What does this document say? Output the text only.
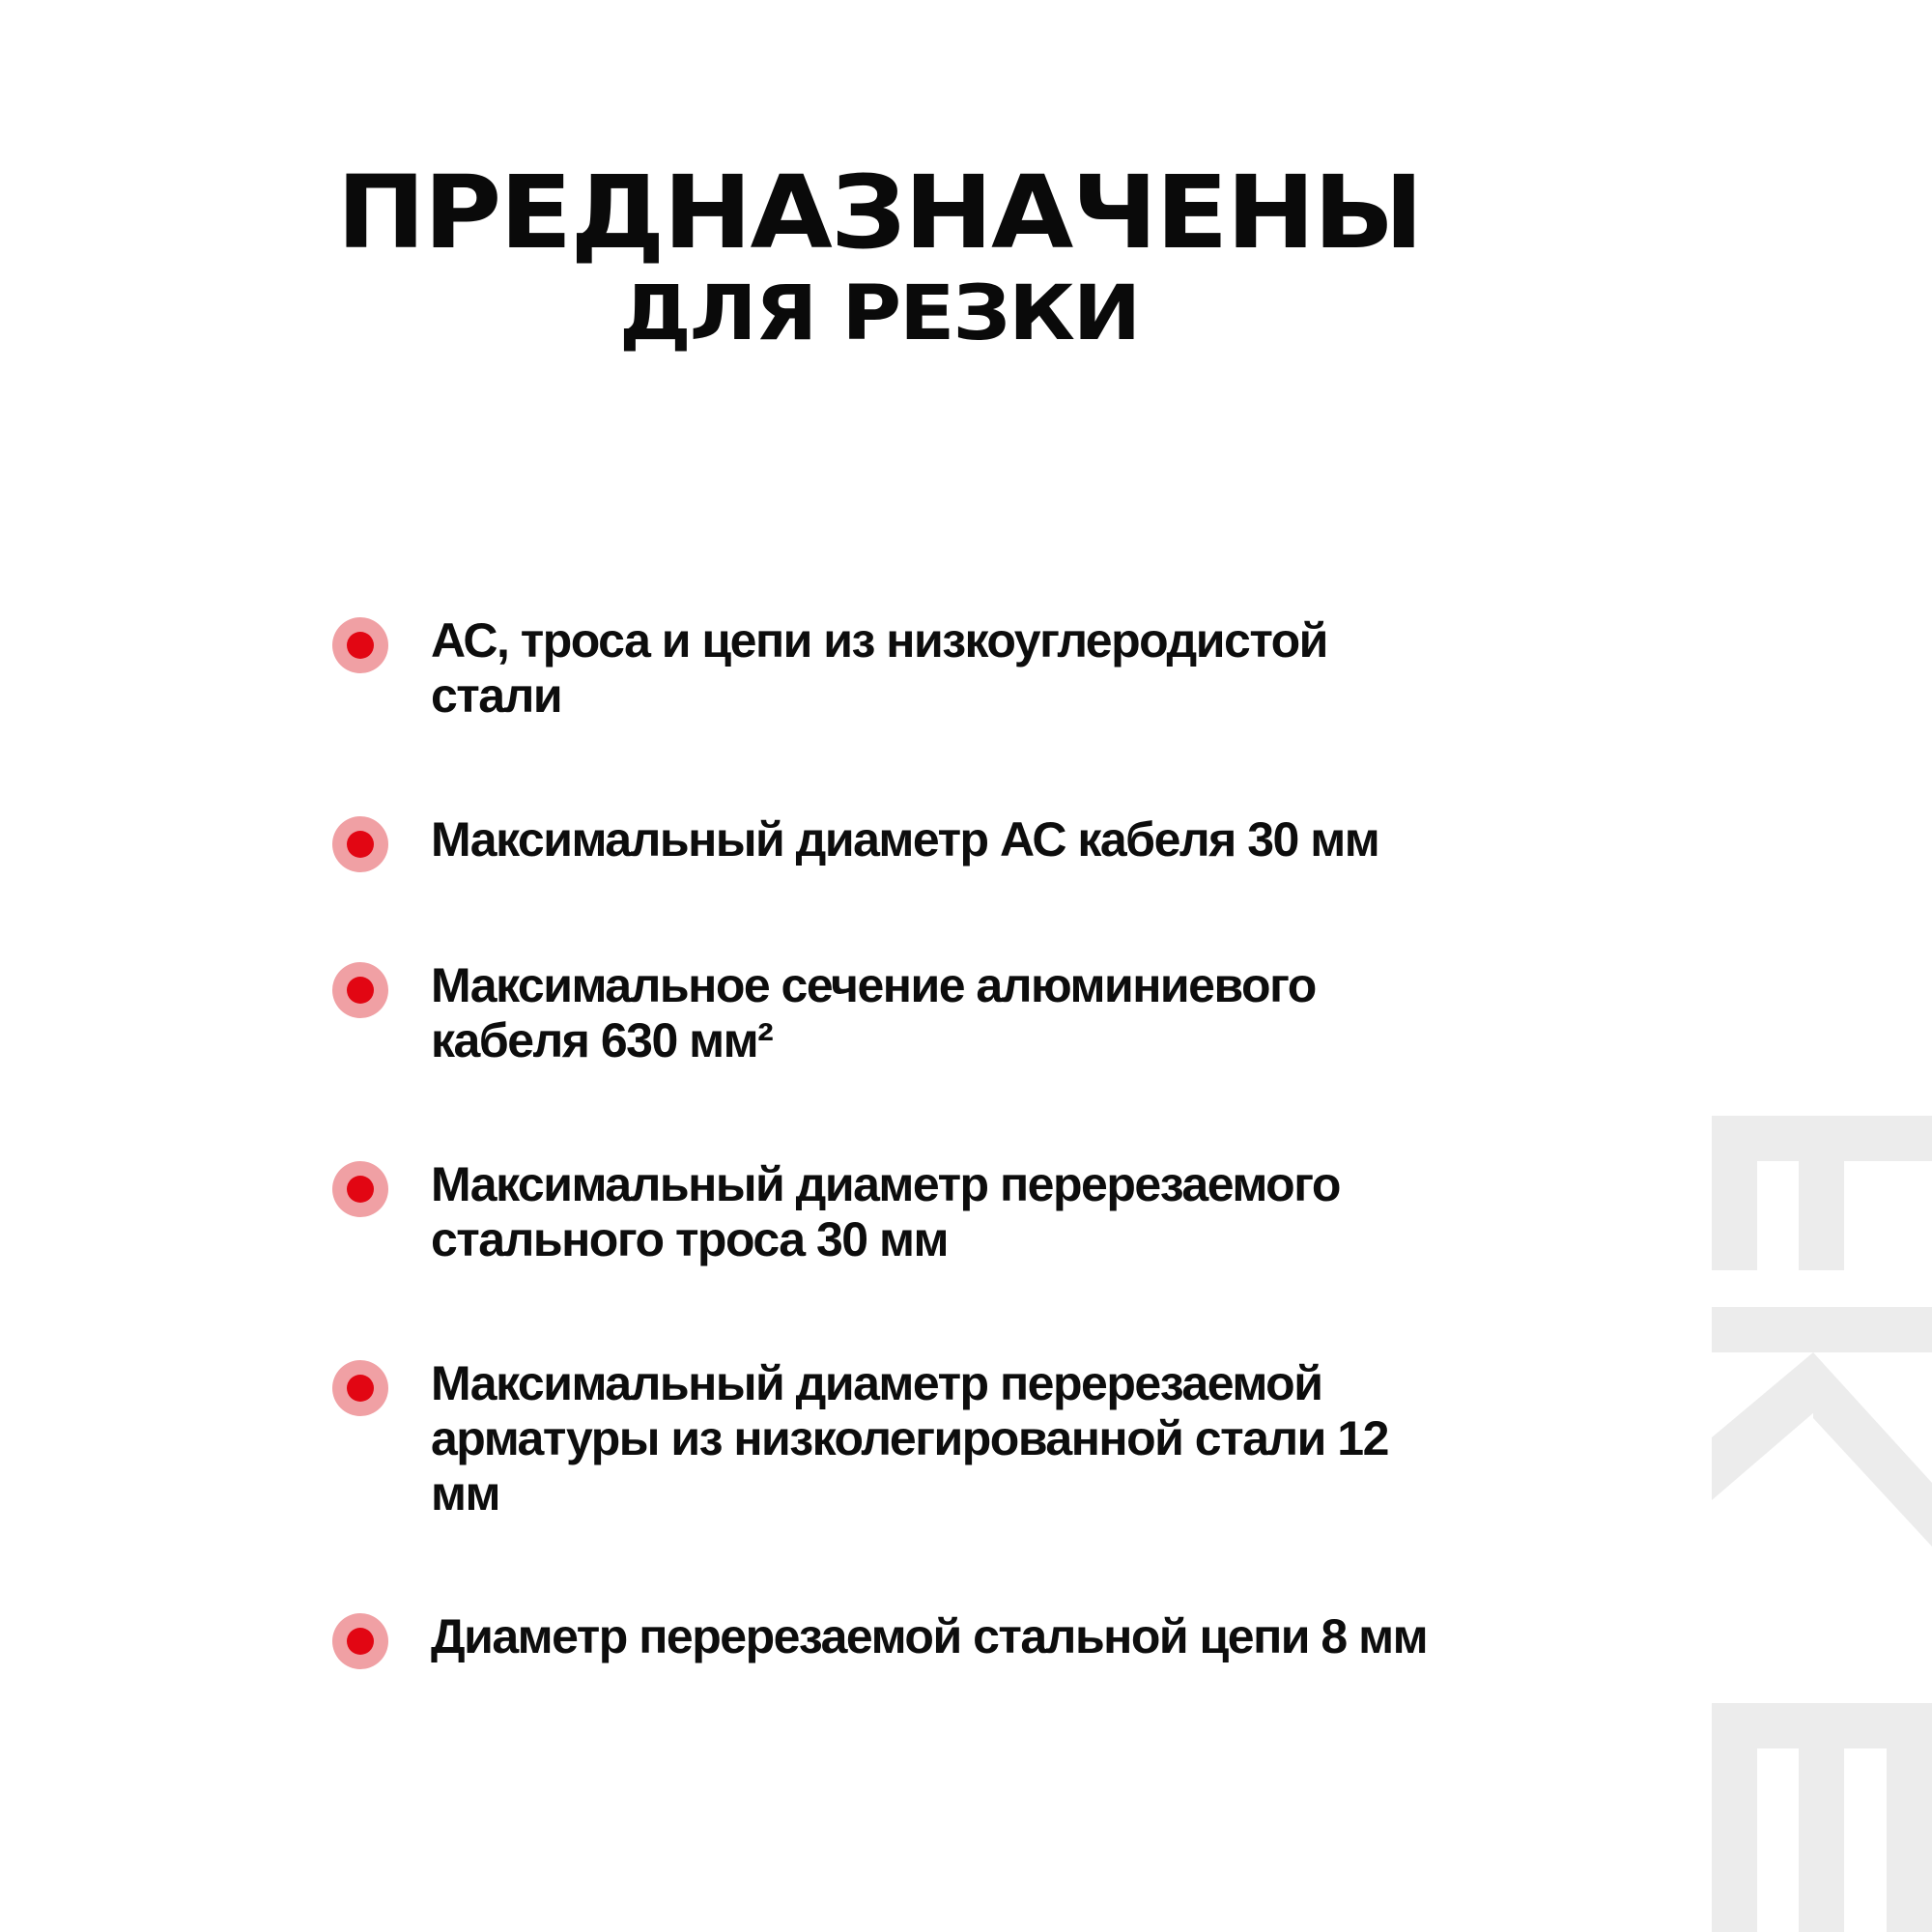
ПРЕДНАЗНАЧЕНЫ
ДЛЯ РЕЗКИ
АС, троса и цепи из низкоуглеродистой стали
Максимальный диаметр АС кабеля 30 мм
Максимальное сечение алюминиевого кабеля 630 мм²
Максимальный диаметр перерезаемого стального троса 30 мм
Максимальный диаметр перерезаемой арматуры из низколегированной стали 12 мм
Диаметр перерезаемой стальной цепи 8 мм
